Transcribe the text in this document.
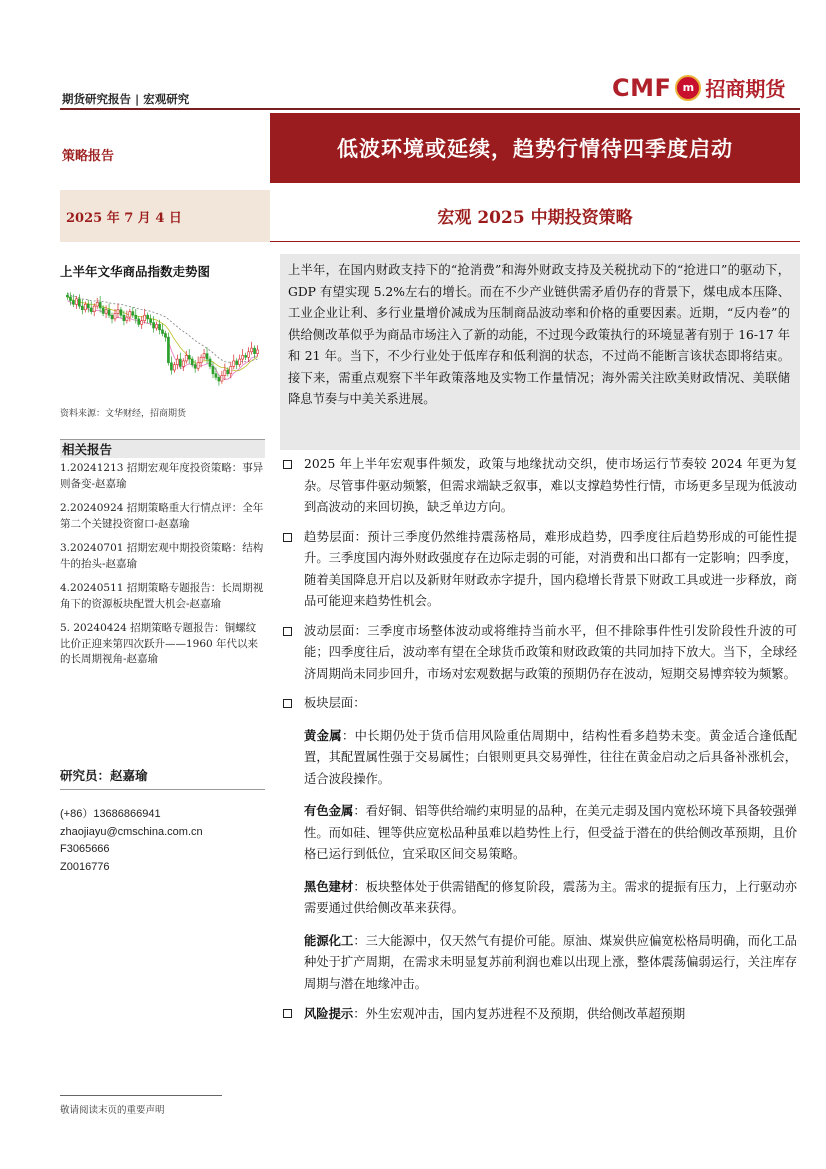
期货研究报告 | 宏观研究	CMF	m 招商期货
策略报告	低波环境或延续，趋势行情待四季度启动
2025 年 7 月 4 日	宏观 2025 中期投资策略
上半年文华商品指数走势图
资料来源：文华财经，招商期货
相关报告
1.20241213 招期宏观年度投资策略：事异则备变-赵嘉瑜
2.20240924 招期策略重大行情点评：全年第二个关键投资窗口-赵嘉瑜
3.20240701 招期宏观中期投资策略：结构牛的抬头-赵嘉瑜
4.20240511 招期策略专题报告：长周期视角下的资源板块配置大机会-赵嘉瑜
5. 20240424 招期策略专题报告：铜螺纹比价正迎来第四次跃升——1960 年代以来的长周期视角-赵嘉瑜
研究员：赵嘉瑜
(+86）13686866941
zhaojiayu@cmschina.com.cn
F3065666
Z0016776
上半年，在国内财政支持下的“抢消费”和海外财政支持及关税扰动下的“抢进口”的驱动下，GDP 有望实现 5.2%左右的增长。而在不少产业链供需矛盾仍存的背景下，煤电成本压降、工业企业让利、多行业量增价减成为压制商品波动率和价格的重要因素。近期，“反内卷”的供给侧改革似乎为商品市场注入了新的动能，不过现今政策执行的环境显著有别于 16-17 年和 21 年。当下，不少行业处于低库存和低利润的状态，不过尚不能断言该状态即将结束。接下来，需重点观察下半年政策落地及实物工作量情况；海外需关注欧美财政情况、美联储降息节奏与中美关系进展。
2025 年上半年宏观事件频发，政策与地缘扰动交织，使市场运行节奏较 2024 年更为复杂。尽管事件驱动频繁，但需求端缺乏叙事，难以支撑趋势性行情，市场更多呈现为低波动到高波动的来回切换，缺乏单边方向。
趋势层面：预计三季度仍然维持震荡格局，难形成趋势，四季度往后趋势形成的可能性提升。三季度国内海外财政强度存在边际走弱的可能，对消费和出口都有一定影响；四季度，随着美国降息开启以及新财年财政赤字提升，国内稳增长背景下财政工具或进一步释放，商品可能迎来趋势性机会。
波动层面：三季度市场整体波动或将维持当前水平，但不排除事件性引发阶段性升波的可能；四季度往后，波动率有望在全球货币政策和财政政策的共同加持下放大。当下，全球经济周期尚未同步回升，市场对宏观数据与政策的预期仍存在波动，短期交易博弈较为频繁。
板块层面：
黄金属：中长期仍处于货币信用风险重估周期中，结构性看多趋势未变。黄金适合逢低配置，其配置属性强于交易属性；白银则更具交易弹性，往往在黄金启动之后具备补涨机会，适合波段操作。
有色金属：看好铜、铝等供给端约束明显的品种，在美元走弱及国内宽松环境下具备较强弹性。而如硅、锂等供应宽松品种虽难以趋势性上行，但受益于潜在的供给侧改革预期，且价格已运行到低位，宜采取区间交易策略。
黑色建材：板块整体处于供需错配的修复阶段，震荡为主。需求的提振有压力，上行驱动亦需要通过供给侧改革来获得。
能源化工：三大能源中，仅天然气有提价可能。原油、煤炭供应偏宽松格局明确，而化工品种处于扩产周期，在需求未明显复苏前利润也难以出现上涨，整体震荡偏弱运行，关注库存周期与潜在地缘冲击。
风险提示：外生宏观冲击，国内复苏进程不及预期，供给侧改革超预期
敬请阅读末页的重要声明
